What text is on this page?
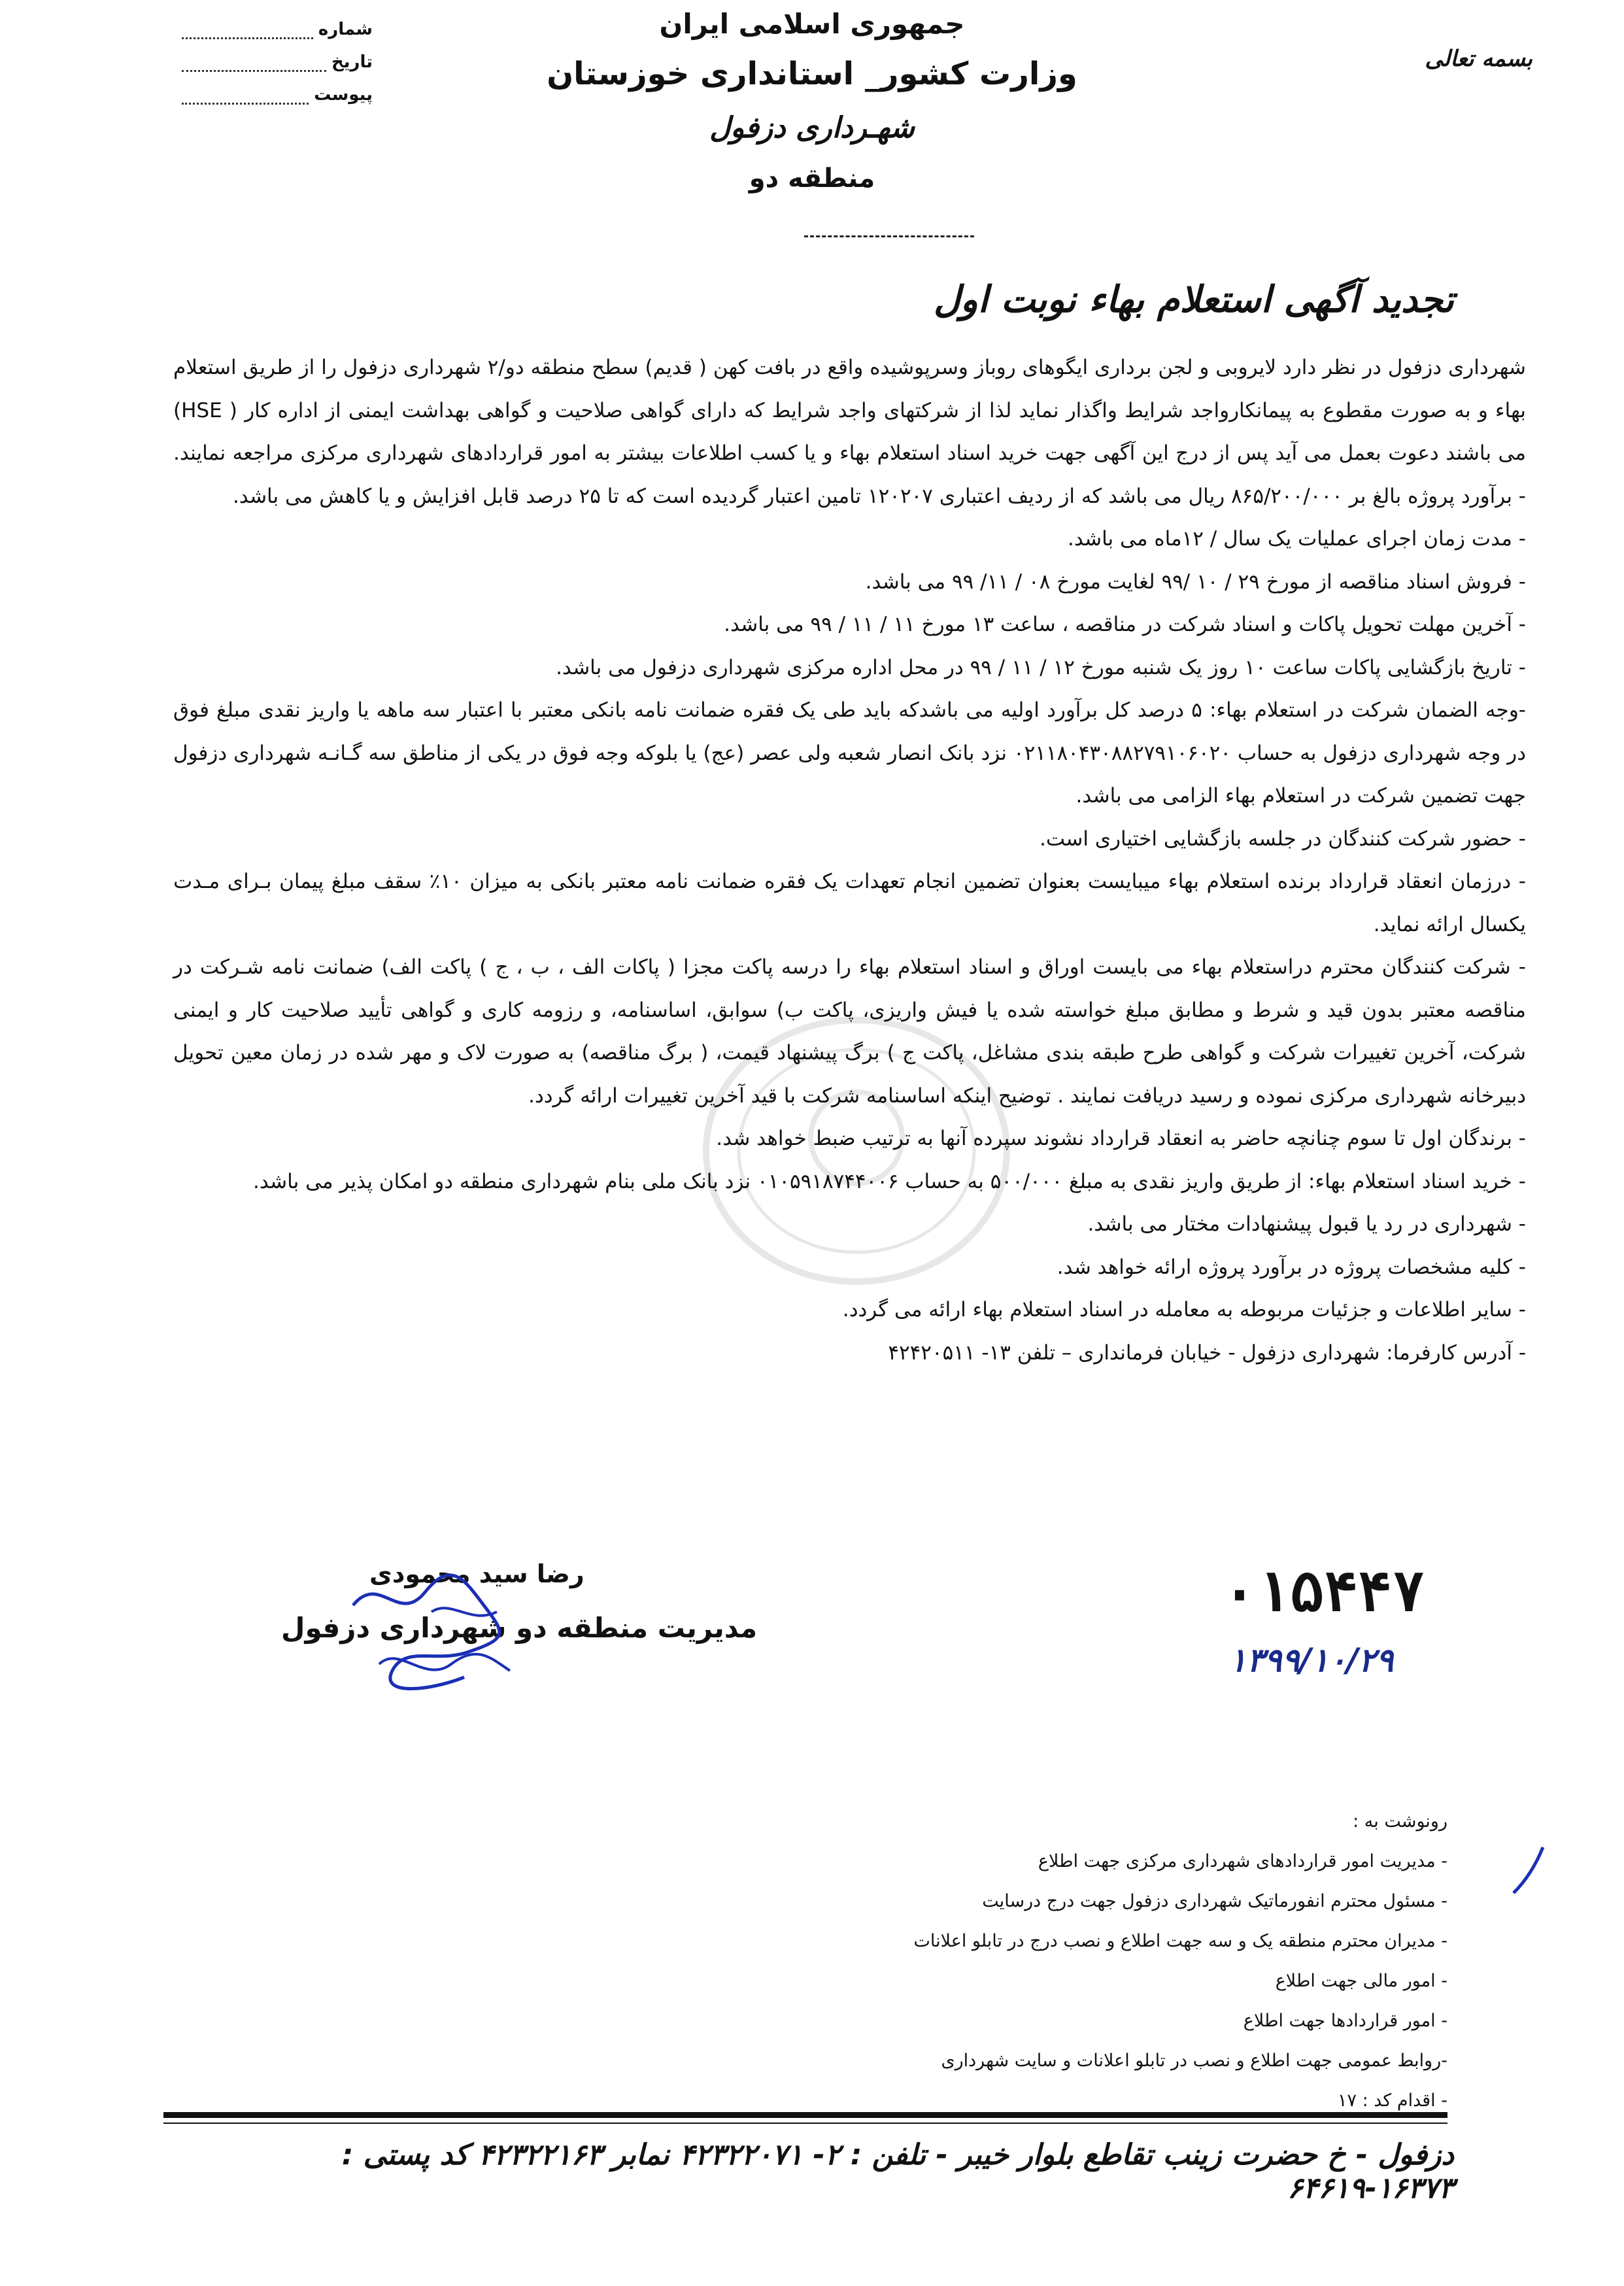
شماره
تاریخ
پیوست
بسمه تعالی
جمهوری اسلامی ایران
وزارت کشور_ استانداری خوزستان
شهـرداری دزفول
منطقه دو
تجدید آگهی استعلام بهاء نوبت اول

شهرداری دزفول در نظر دارد لایروبی و لجن برداری ایگوهای روباز وسرپوشیده واقع در بافت کهن ( قدیم) سطح منطقه دو/۲ شهرداری دزفول را از طریق استعلام بهاء و به صورت مقطوع به پیمانکارواجد شرایط واگذار نماید لذا از شرکتهای واجد شرایط که دارای گواهی صلاحیت و گواهی بهداشت ایمنی از اداره کار ( HSE) می باشند دعوت بعمل می آید پس از درج این آگهی جهت خرید اسناد استعلام بهاء و یا کسب اطلاعات بیشتر به امور قراردادهای شهرداری مرکزی مراجعه نمایند.

- برآورد پروژه بالغ بر ۸۶۵/۲۰۰/۰۰۰ ریال می باشد که از ردیف اعتباری ۱۲۰۲۰۷ تامین اعتبار گردیده است که تا ۲۵ درصد قابل افزایش و یا کاهش می باشد.

- مدت زمان اجرای عملیات یک سال / ۱۲ماه می باشد.

- فروش اسناد مناقصه از مورخ ۲۹ / ۱۰ /۹۹ لغایت مورخ ۰۸ / ۱۱/ ۹۹ می باشد.

- آخرین مهلت تحویل پاکات و اسناد شرکت در مناقصه ، ساعت ۱۳ مورخ ۱۱ / ۱۱ / ۹۹ می باشد.

- تاریخ بازگشایی پاکات ساعت ۱۰ روز یک شنبه مورخ ۱۲ / ۱۱ / ۹۹ در محل اداره مرکزی شهرداری دزفول می باشد.

-وجه الضمان شرکت در استعلام بهاء: ۵ درصد کل برآورد اولیه می باشدکه باید طی یک فقره ضمانت نامه بانکی معتبر با اعتبار سه ماهه یا واریز نقدی مبلغ فوق در وجه شهرداری دزفول به حساب ۰۲۱۱۸۰۴۳۰۸۸۲۷۹۱۰۶۰۲۰ نزد بانک انصار شعبه ولی عصر (عج) یا بلوکه وجه فوق در یکی از مناطق سه گـانـه شهرداری دزفول جهت تضمین شرکت در استعلام بهاء الزامی می باشد.

- حضور شرکت کنندگان در جلسه بازگشایی اختیاری است.

- درزمان انعقاد قرارداد برنده استعلام بهاء میبایست بعنوان تضمین انجام تعهدات یک فقره ضمانت نامه معتبر بانکی به میزان ۱۰٪ سقف مبلغ پیمان بـرای مـدت یکسال ارائه نماید.

- شرکت کنندگان محترم دراستعلام بهاء می بایست اوراق و اسناد استعلام بهاء را درسه پاکت مجزا ( پاکات الف ، ب ، ج ) پاکت الف) ضمانت نامه شـرکت در مناقصه معتبر بدون قید و شرط و مطابق مبلغ خواسته شده یا فیش واریزی، پاکت ب) سوابق، اساسنامه، و رزومه کاری و گواهی تأیید صلاحیت کار و ایمنی شرکت، آخرین تغییرات شرکت و گواهی طرح طبقه بندی مشاغل، پاکت ج ) برگ پیشنهاد قیمت، ( برگ مناقصه) به صورت لاک و مهر شده در زمان معین تحویل دبیرخانه شهرداری مرکزی نموده و رسید دریافت نمایند . توضیح اینکه اساسنامه شرکت با قید آخرین تغییرات ارائه گردد.

- برندگان اول تا سوم چنانچه حاضر به انعقاد قرارداد نشوند سپرده آنها به ترتیب ضبط خواهد شد.

- خرید اسناد استعلام بهاء: از طریق واریز نقدی به مبلغ ۵۰۰/۰۰۰ به حساب ۰۱۰۵۹۱۸۷۴۴۰۰۶ نزد بانک ملی بنام شهرداری منطقه دو امکان پذیر می باشد.

- شهرداری در رد یا قبول پیشنهادات مختار می باشد.

- کلیه مشخصات پروژه در برآورد پروژه ارائه خواهد شد.

- سایر اطلاعات و جزئیات مربوطه به معامله در اسناد استعلام بهاء ارائه می گردد.

- آدرس کارفرما: شهرداری دزفول - خیابان فرمانداری – تلفن ۱۳- ۴۲۴۲۰۵۱۱

رضا سید محمودی
مدیریت منطقه دو شهرداری دزفول
۰۱۵۴۴۷
۱۳۹۹/۱۰/۲۹
رونوشت به :
- مدیریت امور قراردادهای شهرداری مرکزی جهت اطلاع
- مسئول محترم انفورماتیک شهرداری دزفول جهت درج درسایت
- مدیران محترم منطقه یک و سه جهت اطلاع و نصب درج در تابلو اعلانات
- امور مالی جهت اطلاع
- امور قراردادها جهت اطلاع
-روابط عمومی جهت اطلاع و نصب در تابلو اعلانات و سایت شهرداری
- اقدام کد : ۱۷
دزفول - خ حضرت زینب تقاطع بلوار خیبر - تلفن : ۲- ۴۲۳۲۲۰۷۱ نمابر ۴۲۳۲۲۱۶۳ کد پستی : ۱۶۳۷۳-۶۴۶۱۹
